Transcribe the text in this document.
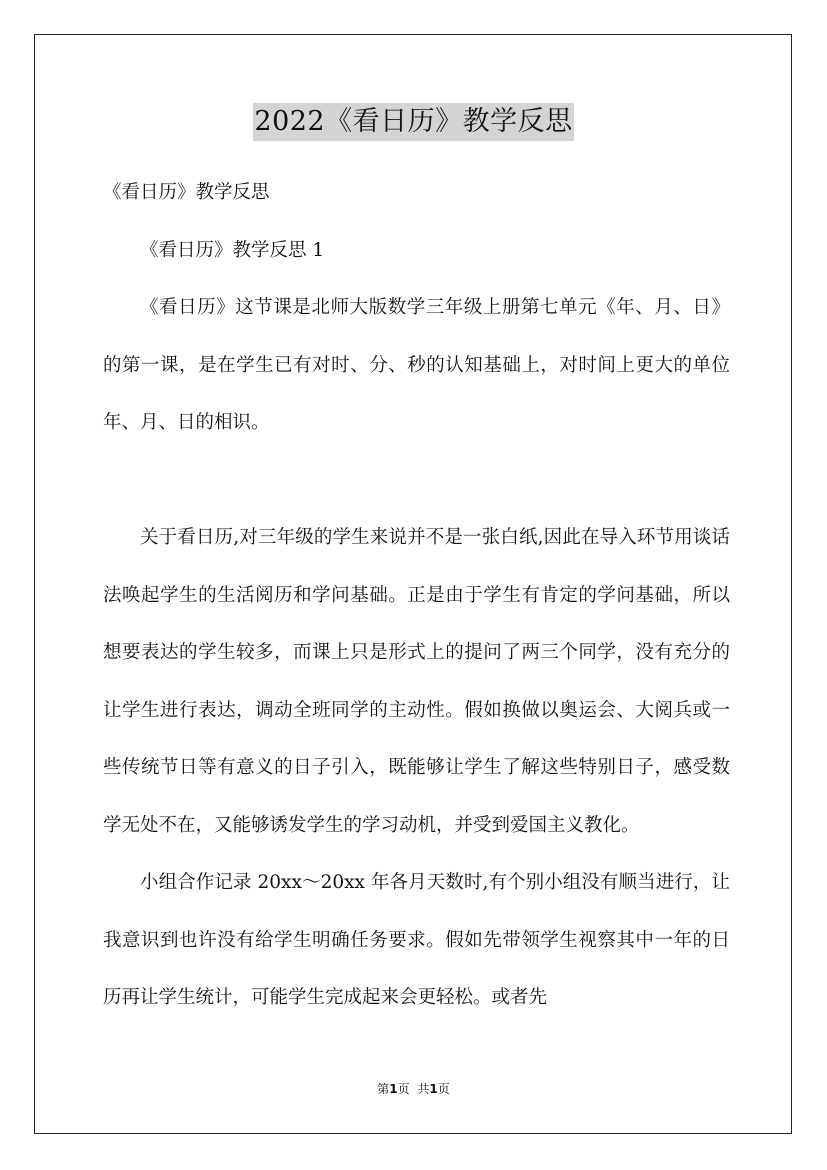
2022《看日历》教学反思

《看日历》教学反思

《看日历》教学反思 1

《看日历》这节课是北师大版数学三年级上册第七单元《年、月、日》的第一课，是在学生已有对时、分、秒的认知基础上，对时间上更大的单位年、月、日的相识。

关于看日历,对三年级的学生来说并不是一张白纸,因此在导入环节用谈话法唤起学生的生活阅历和学问基础。正是由于学生有肯定的学问基础，所以想要表达的学生较多，而课上只是形式上的提问了两三个同学，没有充分的让学生进行表达，调动全班同学的主动性。假如换做以奥运会、大阅兵或一些传统节日等有意义的日子引入，既能够让学生了解这些特别日子，感受数学无处不在，又能够诱发学生的学习动机，并受到爱国主义教化。

小组合作记录 20xx～20xx 年各月天数时,有个别小组没有顺当进行，让我意识到也许没有给学生明确任务要求。假如先带领学生视察其中一年的日历再让学生统计，可能学生完成起来会更轻松。或者先

第1页 共1页
